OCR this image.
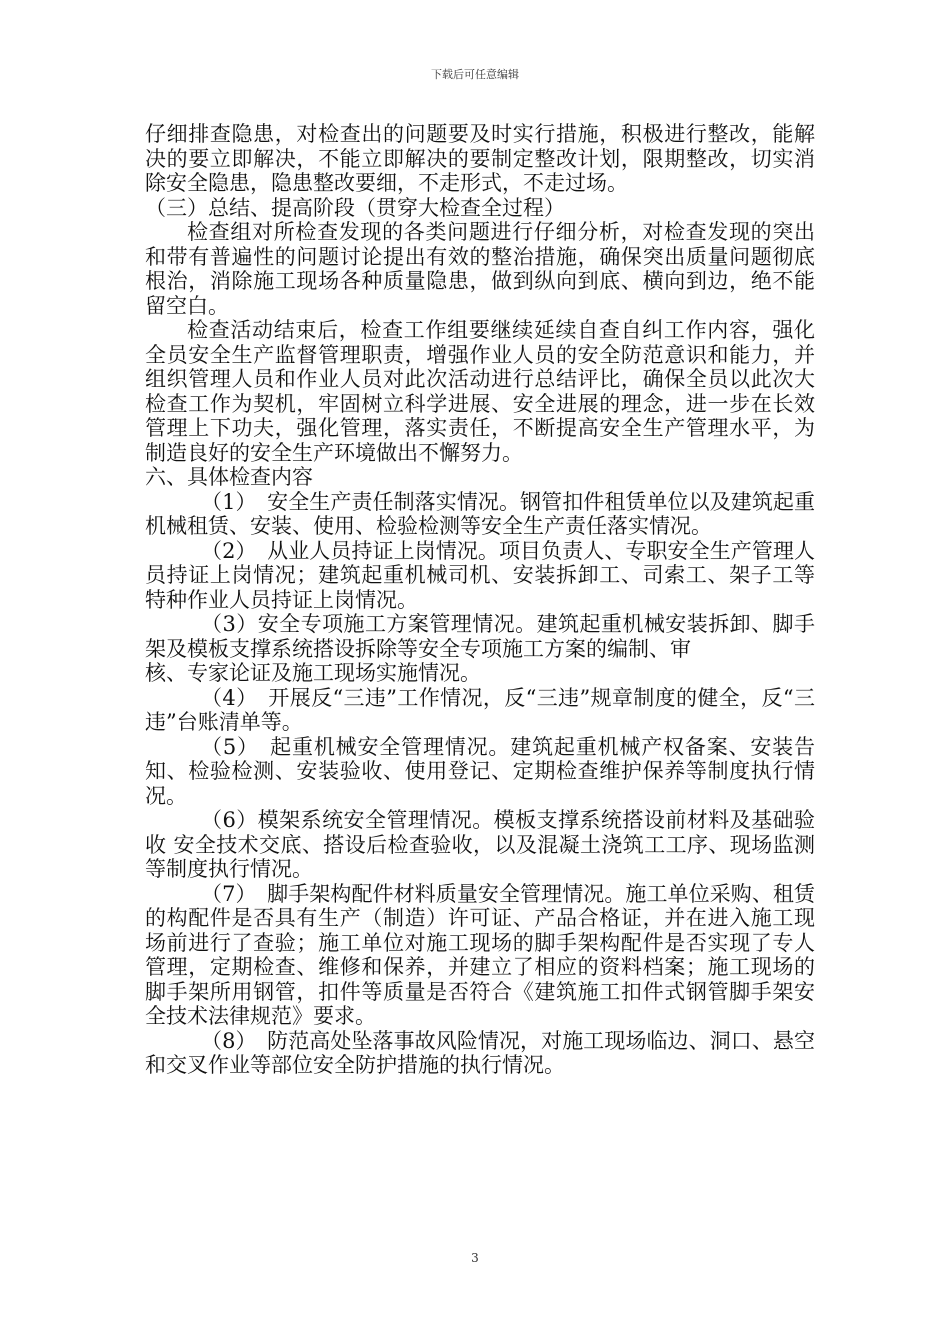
下载后可任意编辑

仔细排查隐患，对检查出的问题要及时实行措施，积极进行整改，能解决的要立即解决，不能立即解决的要制定整改计划，限期整改，切实消除安全隐患，隐患整改要细，不走形式，不走过场。

（三）总结、提高阶段（贯穿大检查全过程）

检查组对所检查发现的各类问题进行仔细分析，对检查发现的突出和带有普遍性的问题讨论提出有效的整治措施，确保突出质量问题彻底根治，消除施工现场各种质量隐患，做到纵向到底、横向到边，绝不能留空白。

检查活动结束后，检查工作组要继续延续自查自纠工作内容，强化全员安全生产监督管理职责，增强作业人员的安全防范意识和能力，并组织管理人员和作业人员对此次活动进行总结评比，确保全员以此次大检查工作为契机，牢固树立科学进展、安全进展的理念，进一步在长效管理上下功夫，强化管理，落实责任，不断提高安全生产管理水平，为制造良好的安全生产环境做出不懈努力。

六、具体检查内容

（1）　安全生产责任制落实情况。钢管扣件租赁单位以及建筑起重机械租赁、安装、使用、检验检测等安全生产责任落实情况。

（2）　从业人员持证上岗情况。项目负责人、专职安全生产管理人员持证上岗情况；建筑起重机械司机、安装拆卸工、司索工、架子工等特种作业人员持证上岗情况。

（3）安全专项施工方案管理情况。建筑起重机械安装拆卸、脚手架及模板支撑系统搭设拆除等安全专项施工方案的编制、审

核、专家论证及施工现场实施情况。

（4）　开展反“三违”工作情况，反“三违”规章制度的健全，反“三违”台账清单等。

（5）　起重机械安全管理情况。建筑起重机械产权备案、安装告知、检验检测、安装验收、使用登记、定期检查维护保养等制度执行情况。

（6）模架系统安全管理情况。模板支撑系统搭设前材料及基础验收 安全技术交底、搭设后检查验收，以及混凝土浇筑工工序、现场监测等制度执行情况。

（7）　脚手架构配件材料质量安全管理情况。施工单位采购、租赁的构配件是否具有生产（制造）许可证、产品合格证，并在进入施工现场前进行了查验；施工单位对施工现场的脚手架构配件是否实现了专人管理，定期检查、维修和保养，并建立了相应的资料档案；施工现场的脚手架所用钢管，扣件等质量是否符合《建筑施工扣件式钢管脚手架安全技术法律规范》要求。

（8）　防范高处坠落事故风险情况，对施工现场临边、洞口、悬空和交叉作业等部位安全防护措施的执行情况。

3
